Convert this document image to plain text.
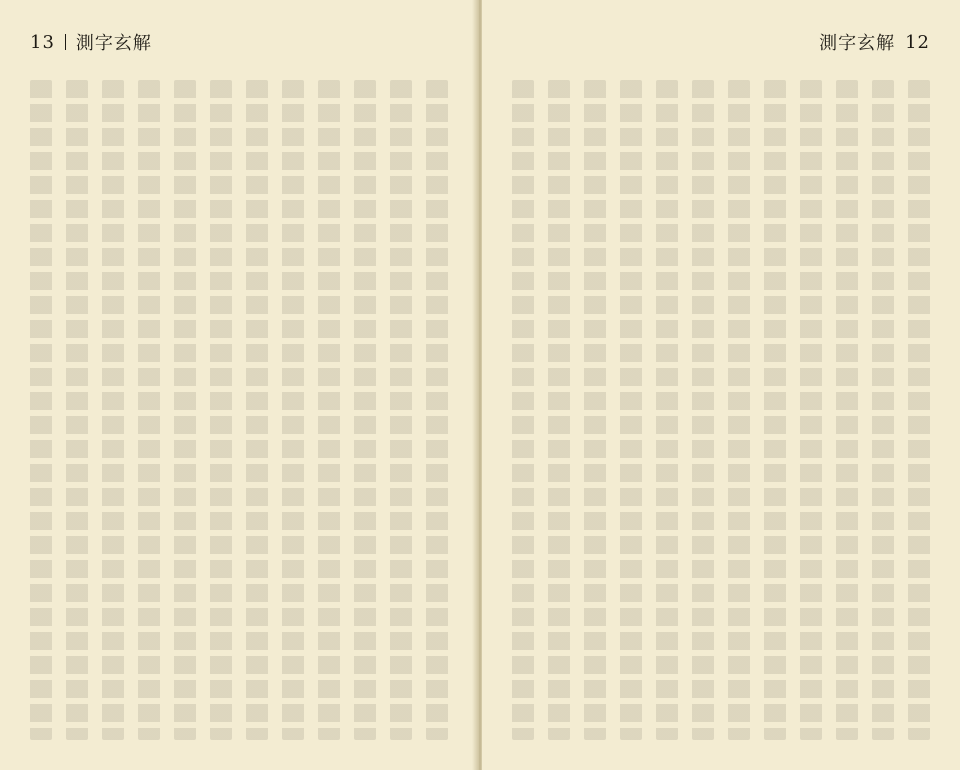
13 測字玄解	測字玄解 12
